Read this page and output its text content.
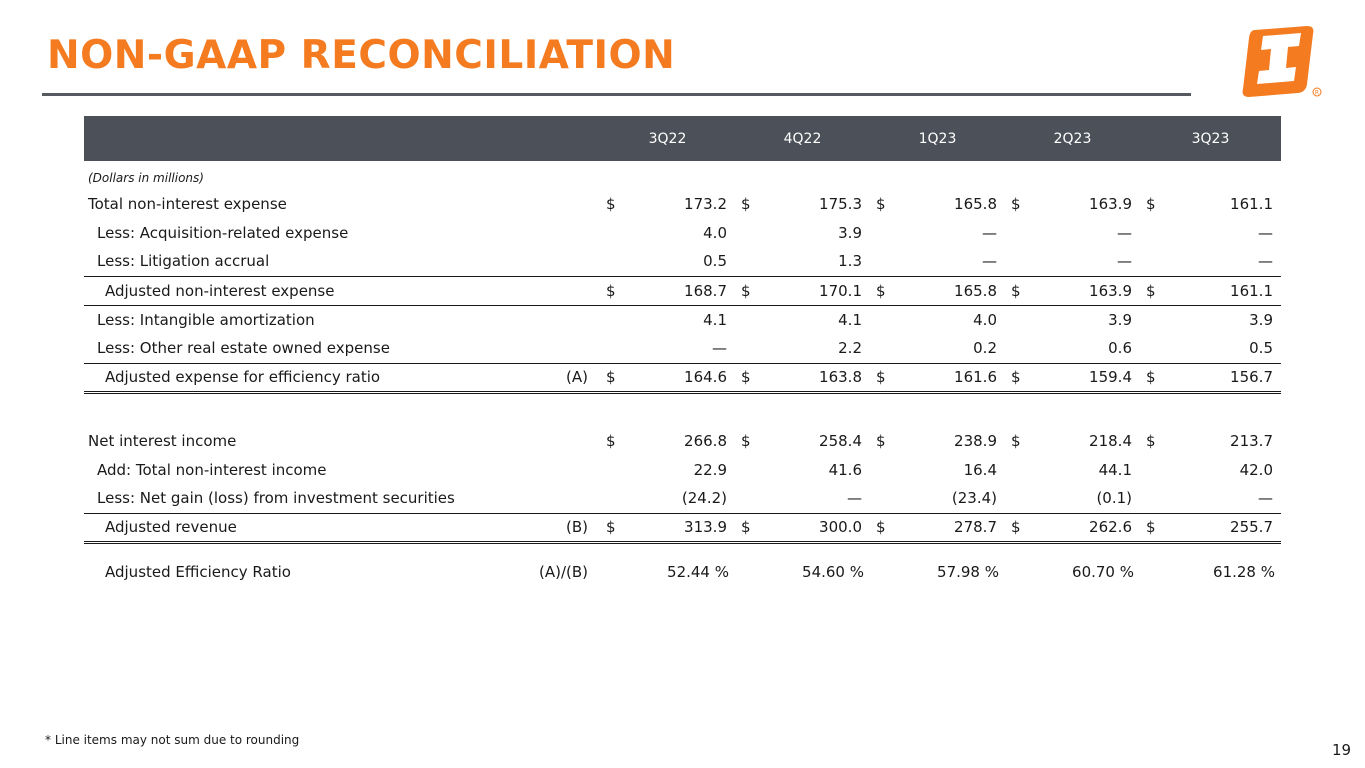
NON-GAAP RECONCILIATION
R
		3Q22		4Q22		1Q23		2Q23		3Q23	
(Dollars in millions)											
Total non-interest expense		$	173.2	$	175.3	$	165.8	$	163.9	$	161.1
Less: Acquisition-related expense			4.0		3.9		—		—		—
Less: Litigation accrual			0.5		1.3		—		—		—
Adjusted non-interest expense		$	168.7	$	170.1	$	165.8	$	163.9	$	161.1
Less: Intangible amortization			4.1		4.1		4.0		3.9		3.9
Less: Other real estate owned expense			—		2.2		0.2		0.6		0.5
Adjusted expense for efficiency ratio	(A)	$	164.6	$	163.8	$	161.6	$	159.4	$	156.7

Net interest income		$	266.8	$	258.4	$	238.9	$	218.4	$	213.7
Add: Total non-interest income			22.9		41.6		16.4		44.1		42.0
Less: Net gain (loss) from investment securities			(24.2)		—		(23.4)		(0.1)		—
Adjusted revenue	(B)	$	313.9	$	300.0	$	278.7	$	262.6	$	255.7
Adjusted Efficiency Ratio	(A)/(B)	52.44 %		54.60 %		57.98 %		60.70 %		61.28 %	
* Line items may not sum due to rounding
19
